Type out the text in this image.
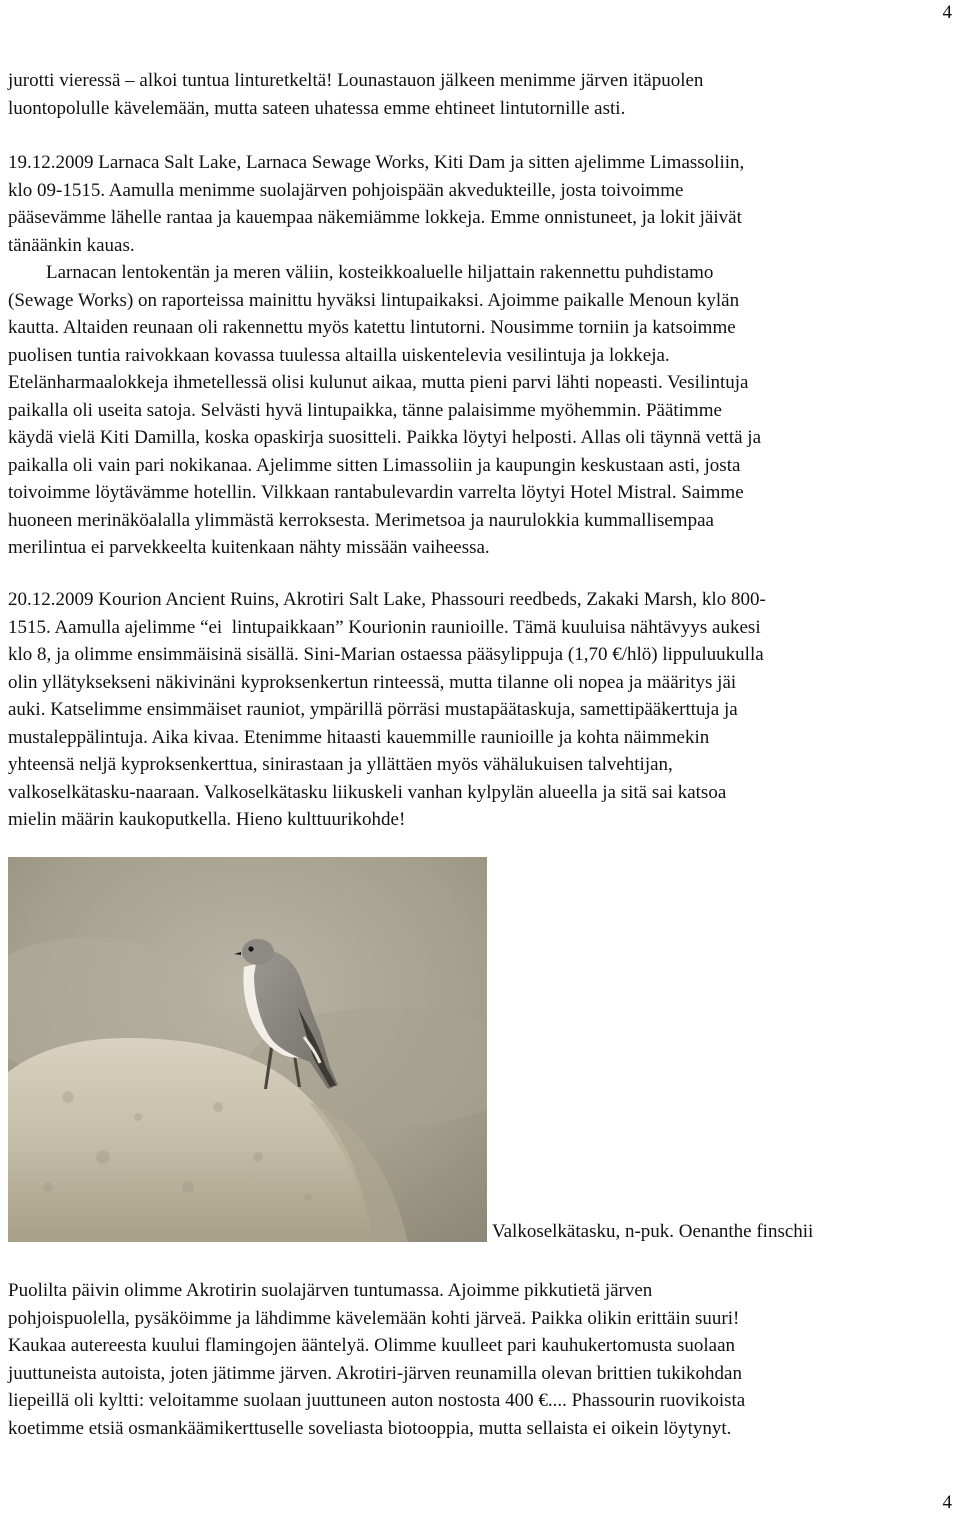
4
jurotti vieressä – alkoi tuntua linturetkeltä! Lounastauon jälkeen menimme järven itäpuolen
luontopolulle kävelemään, mutta sateen uhatessa emme ehtineet lintutornille asti.
19.12.2009 Larnaca Salt Lake, Larnaca Sewage Works, Kiti Dam ja sitten ajelimme Limassoliin,
klo 09-1515. Aamulla menimme suolajärven pohjoispään akvedukteille, josta toivoimme
pääsevämme lähelle rantaa ja kauempaa näkemiämme lokkeja. Emme onnistuneet, ja lokit jäivät
tänäänkin kauas.
Larnacan lentokentän ja meren väliin, kosteikkoaluelle hiljattain rakennettu puhdistamo
(Sewage Works) on raporteissa mainittu hyväksi lintupaikaksi. Ajoimme paikalle Menoun kylän
kautta. Altaiden reunaan oli rakennettu myös katettu lintutorni. Nousimme torniin ja katsoimme
puolisen tuntia raivokkaan kovassa tuulessa altailla uiskentelevia vesilintuja ja lokkeja.
Etelänharmaalokkeja ihmetellessä olisi kulunut aikaa, mutta pieni parvi lähti nopeasti. Vesilintuja
paikalla oli useita satoja. Selvästi hyvä lintupaikka, tänne palaisimme myöhemmin. Päätimme
käydä vielä Kiti Damilla, koska opaskirja suositteli. Paikka löytyi helposti. Allas oli täynnä vettä ja
paikalla oli vain pari nokikanaa. Ajelimme sitten Limassoliin ja kaupungin keskustaan asti, josta
toivoimme löytävämme hotellin. Vilkkaan rantabulevardin varrelta löytyi Hotel Mistral. Saimme
huoneen merinäköalalla ylimmästä kerroksesta. Merimetsoa ja naurulokkia kummallisempaa
merilintua ei parvekkeelta kuitenkaan nähty missään vaiheessa.
20.12.2009 Kourion Ancient Ruins, Akrotiri Salt Lake, Phassouri reedbeds, Zakaki Marsh, klo 800-
1515. Aamulla ajelimme “ei  lintupaikkaan” Kourionin raunioille. Tämä kuuluisa nähtävyys aukesi
klo 8, ja olimme ensimmäisinä sisällä. Sini-Marian ostaessa pääsylippuja (1,70 €/hlö) lippuluukulla
olin yllätyksekseni näkivinäni kyproksenkertun rinteessä, mutta tilanne oli nopea ja määritys jäi
auki. Katselimme ensimmäiset rauniot, ympärillä pörräsi mustapäätaskuja, samettipääkerttuja ja
mustaleppälintuja. Aika kivaa. Etenimme hitaasti kauemmille raunioille ja kohta näimmekin
yhteensä neljä kyproksenkerttua, sinirastaan ja yllättäen myös vähälukuisen talvehtijan,
valkoselkätasku-naaraan. Valkoselkätasku liikuskeli vanhan kylpylän alueella ja sitä sai katsoa
mielin määrin kaukoputkella. Hieno kulttuurikohde!
Valkoselkätasku, n-puk. Oenanthe finschii
Puolilta päivin olimme Akrotirin suolajärven tuntumassa. Ajoimme pikkutietä järven
pohjoispuolella, pysäköimme ja lähdimme kävelemään kohti järveä. Paikka olikin erittäin suuri!
Kaukaa autereesta kuului flamingojen ääntelyä. Olimme kuulleet pari kauhukertomusta suolaan
juuttuneista autoista, joten jätimme järven. Akrotiri-järven reunamilla olevan brittien tukikohdan
liepeillä oli kyltti: veloitamme suolaan juuttuneen auton nostosta 400 €.... Phassourin ruovikoista
koetimme etsiä osmankäämikerttuselle soveliasta biotooppia, mutta sellaista ei oikein löytynyt.
4
